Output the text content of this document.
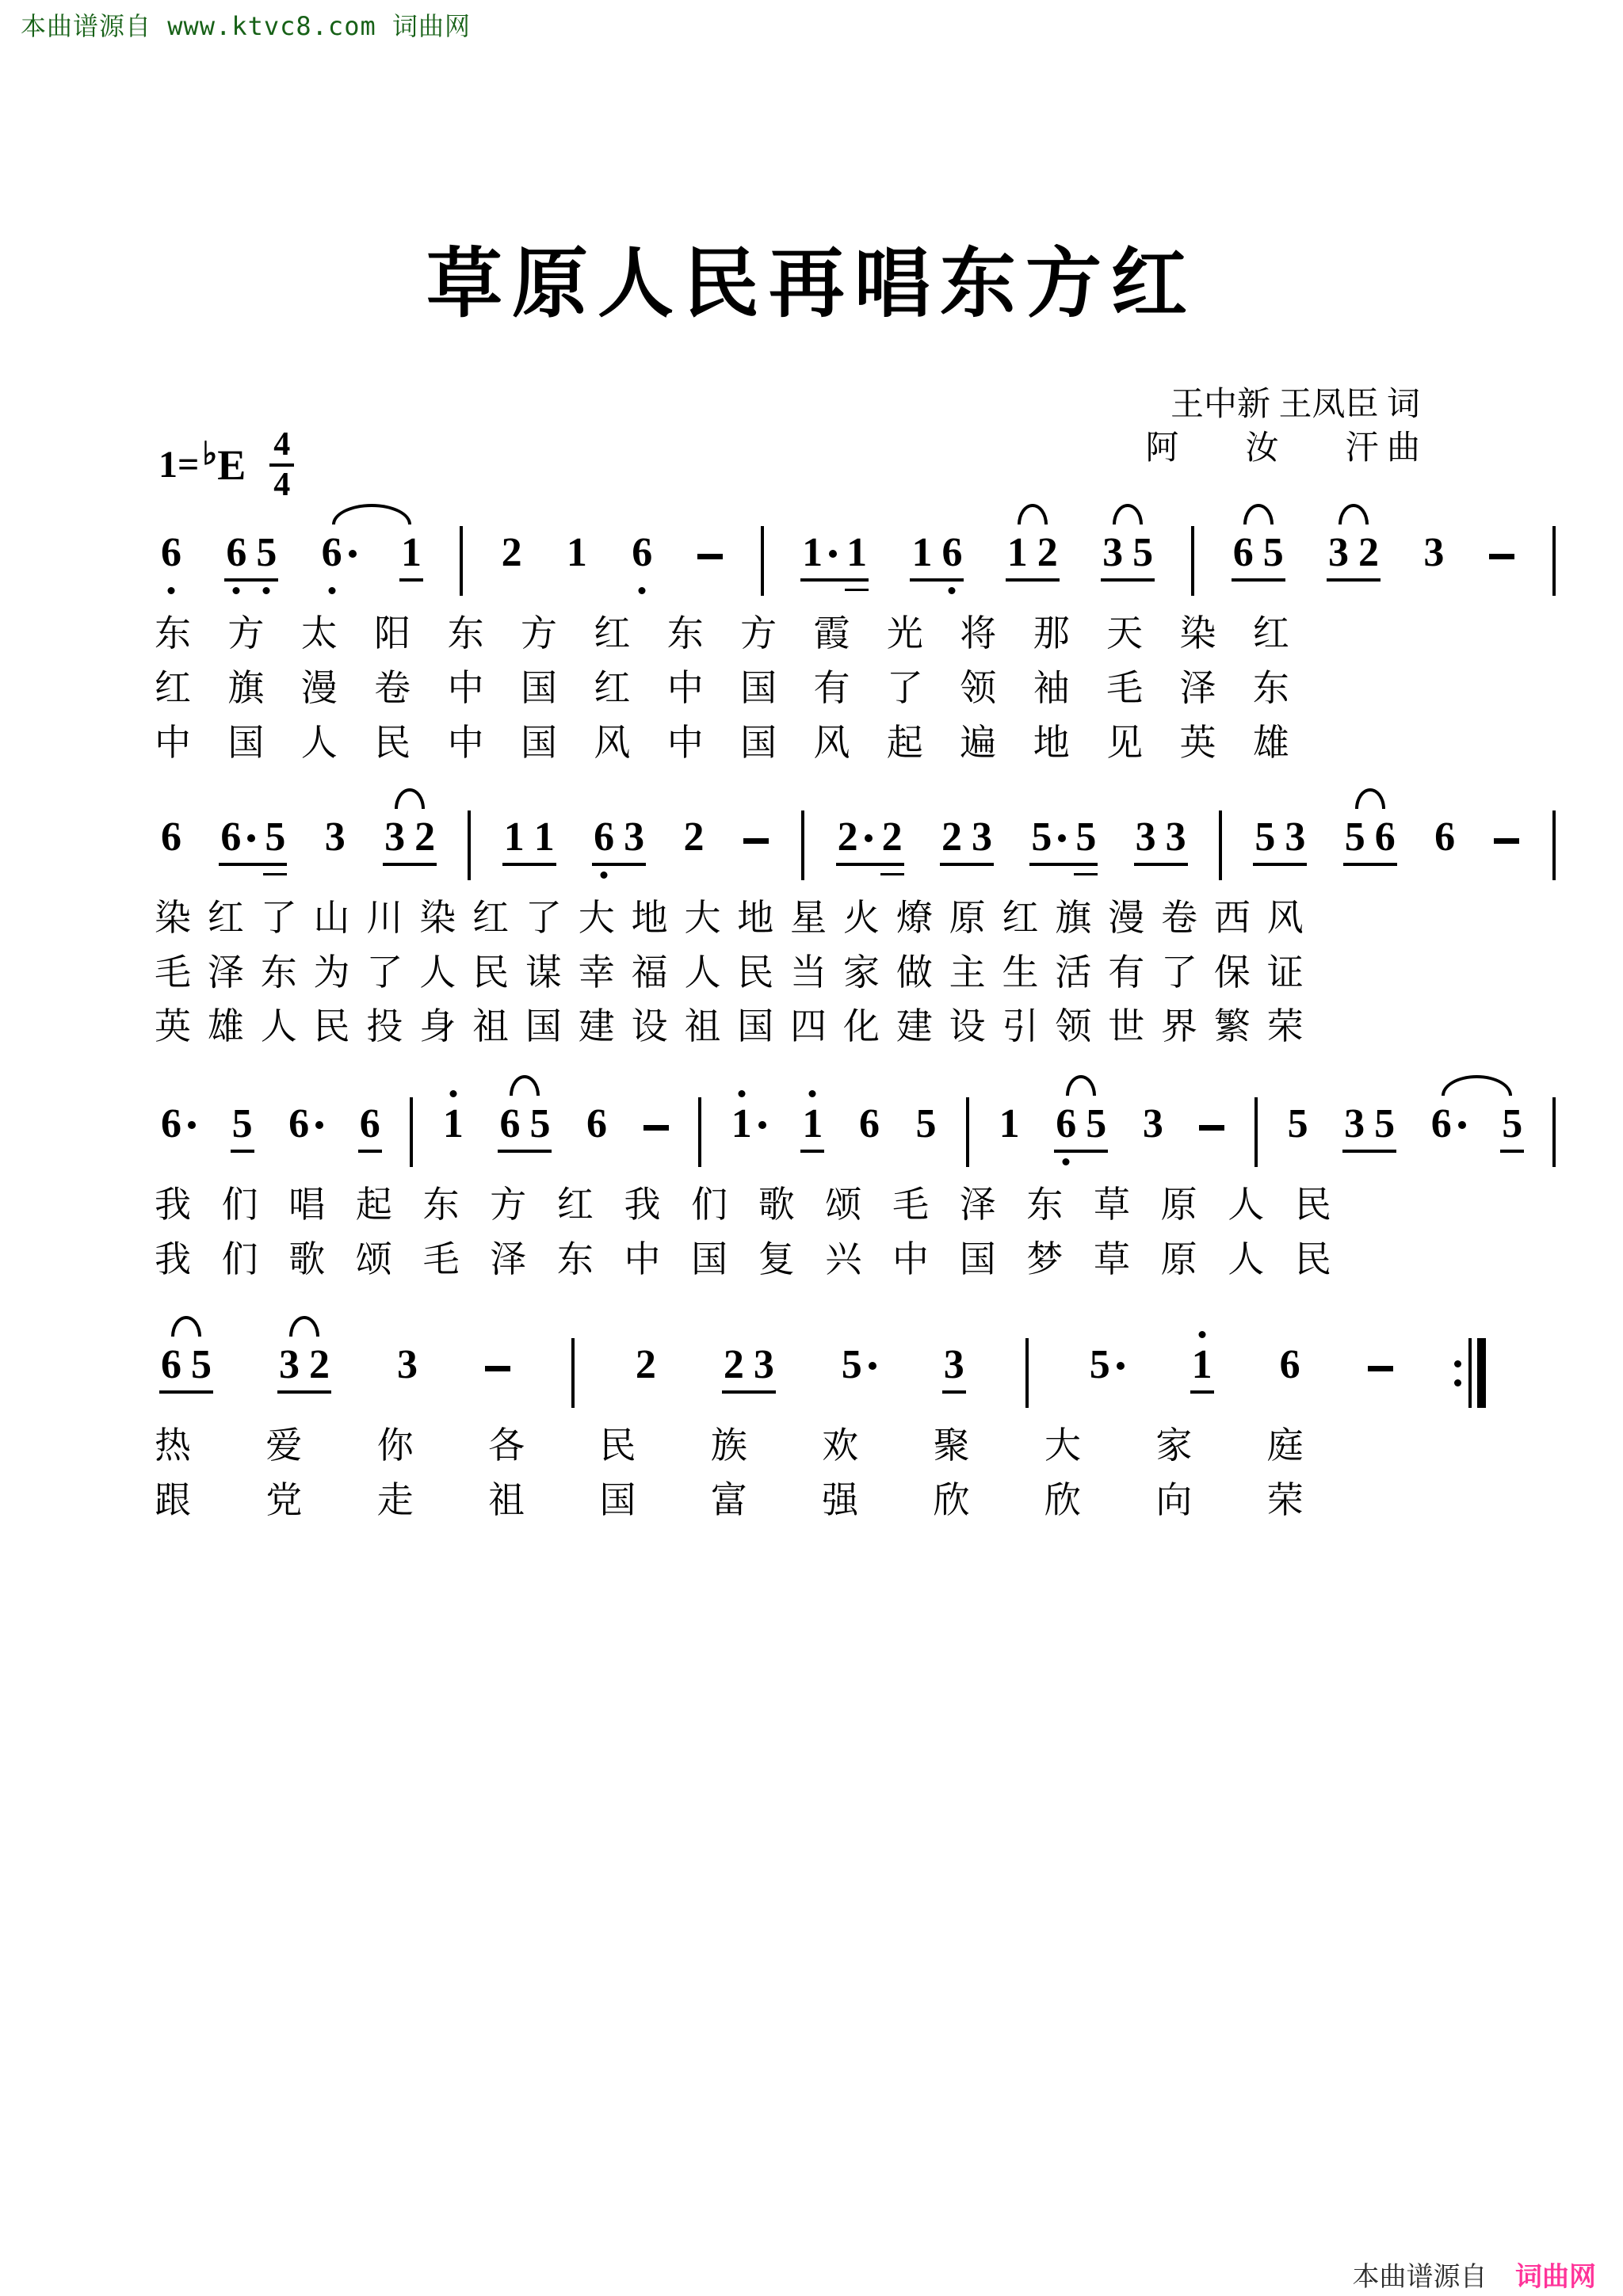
本曲谱源自 www.ktvc8.com 词曲网
草原人民再唱东方红
王中新 王凤臣 词
阿　　汝　　汗 曲
1= ♭ E $\frac{4}{4}$
6 6 5 6 1 2 1 6	1 1 1 6 1 2 3 5 6 5 3 2 3
东 方 太 阳 东 方 红 东 方 霞 光 将 那 天 染 红
红 旗 漫 卷 中 国 红 中 国 有 了 领 袖 毛 泽 东
中 国 人 民 中 国 风 中 国 风 起 遍 地 见 英 雄
6 6 5 3 3 2 1 1 6 3 2	2 2 2 3 5 5 3 3 5 3 5 6 6
染 红 了 山 川 染 红 了 大 地 大 地 星 火 燎 原 红 旗 漫 卷 西 风
毛 泽 东 为 了 人 民 谋 幸 福 人 民 当 家 做 主 生 活 有 了 保 证
英 雄 人 民 投 身 祖 国 建 设 祖 国 四 化 建 设 引 领 世 界 繁 荣
6 5 6 6 1 6 5 6	1 1 6 5 1 6 5 3	5 3 5 6 5
我 们 唱 起 东 方 红 我 们 歌 颂 毛 泽 东 草 原 人 民
我 们 歌 颂 毛 泽 东 中 国 复 兴 中 国 梦 草 原 人 民
6 5 3 2 3	2 2 3 5 3	5 1 6
热 爱 你 各 民 族 欢 聚 大 家 庭
跟 党 走 祖 国 富 强 欣 欣 向 荣
本曲谱源自 词曲网
